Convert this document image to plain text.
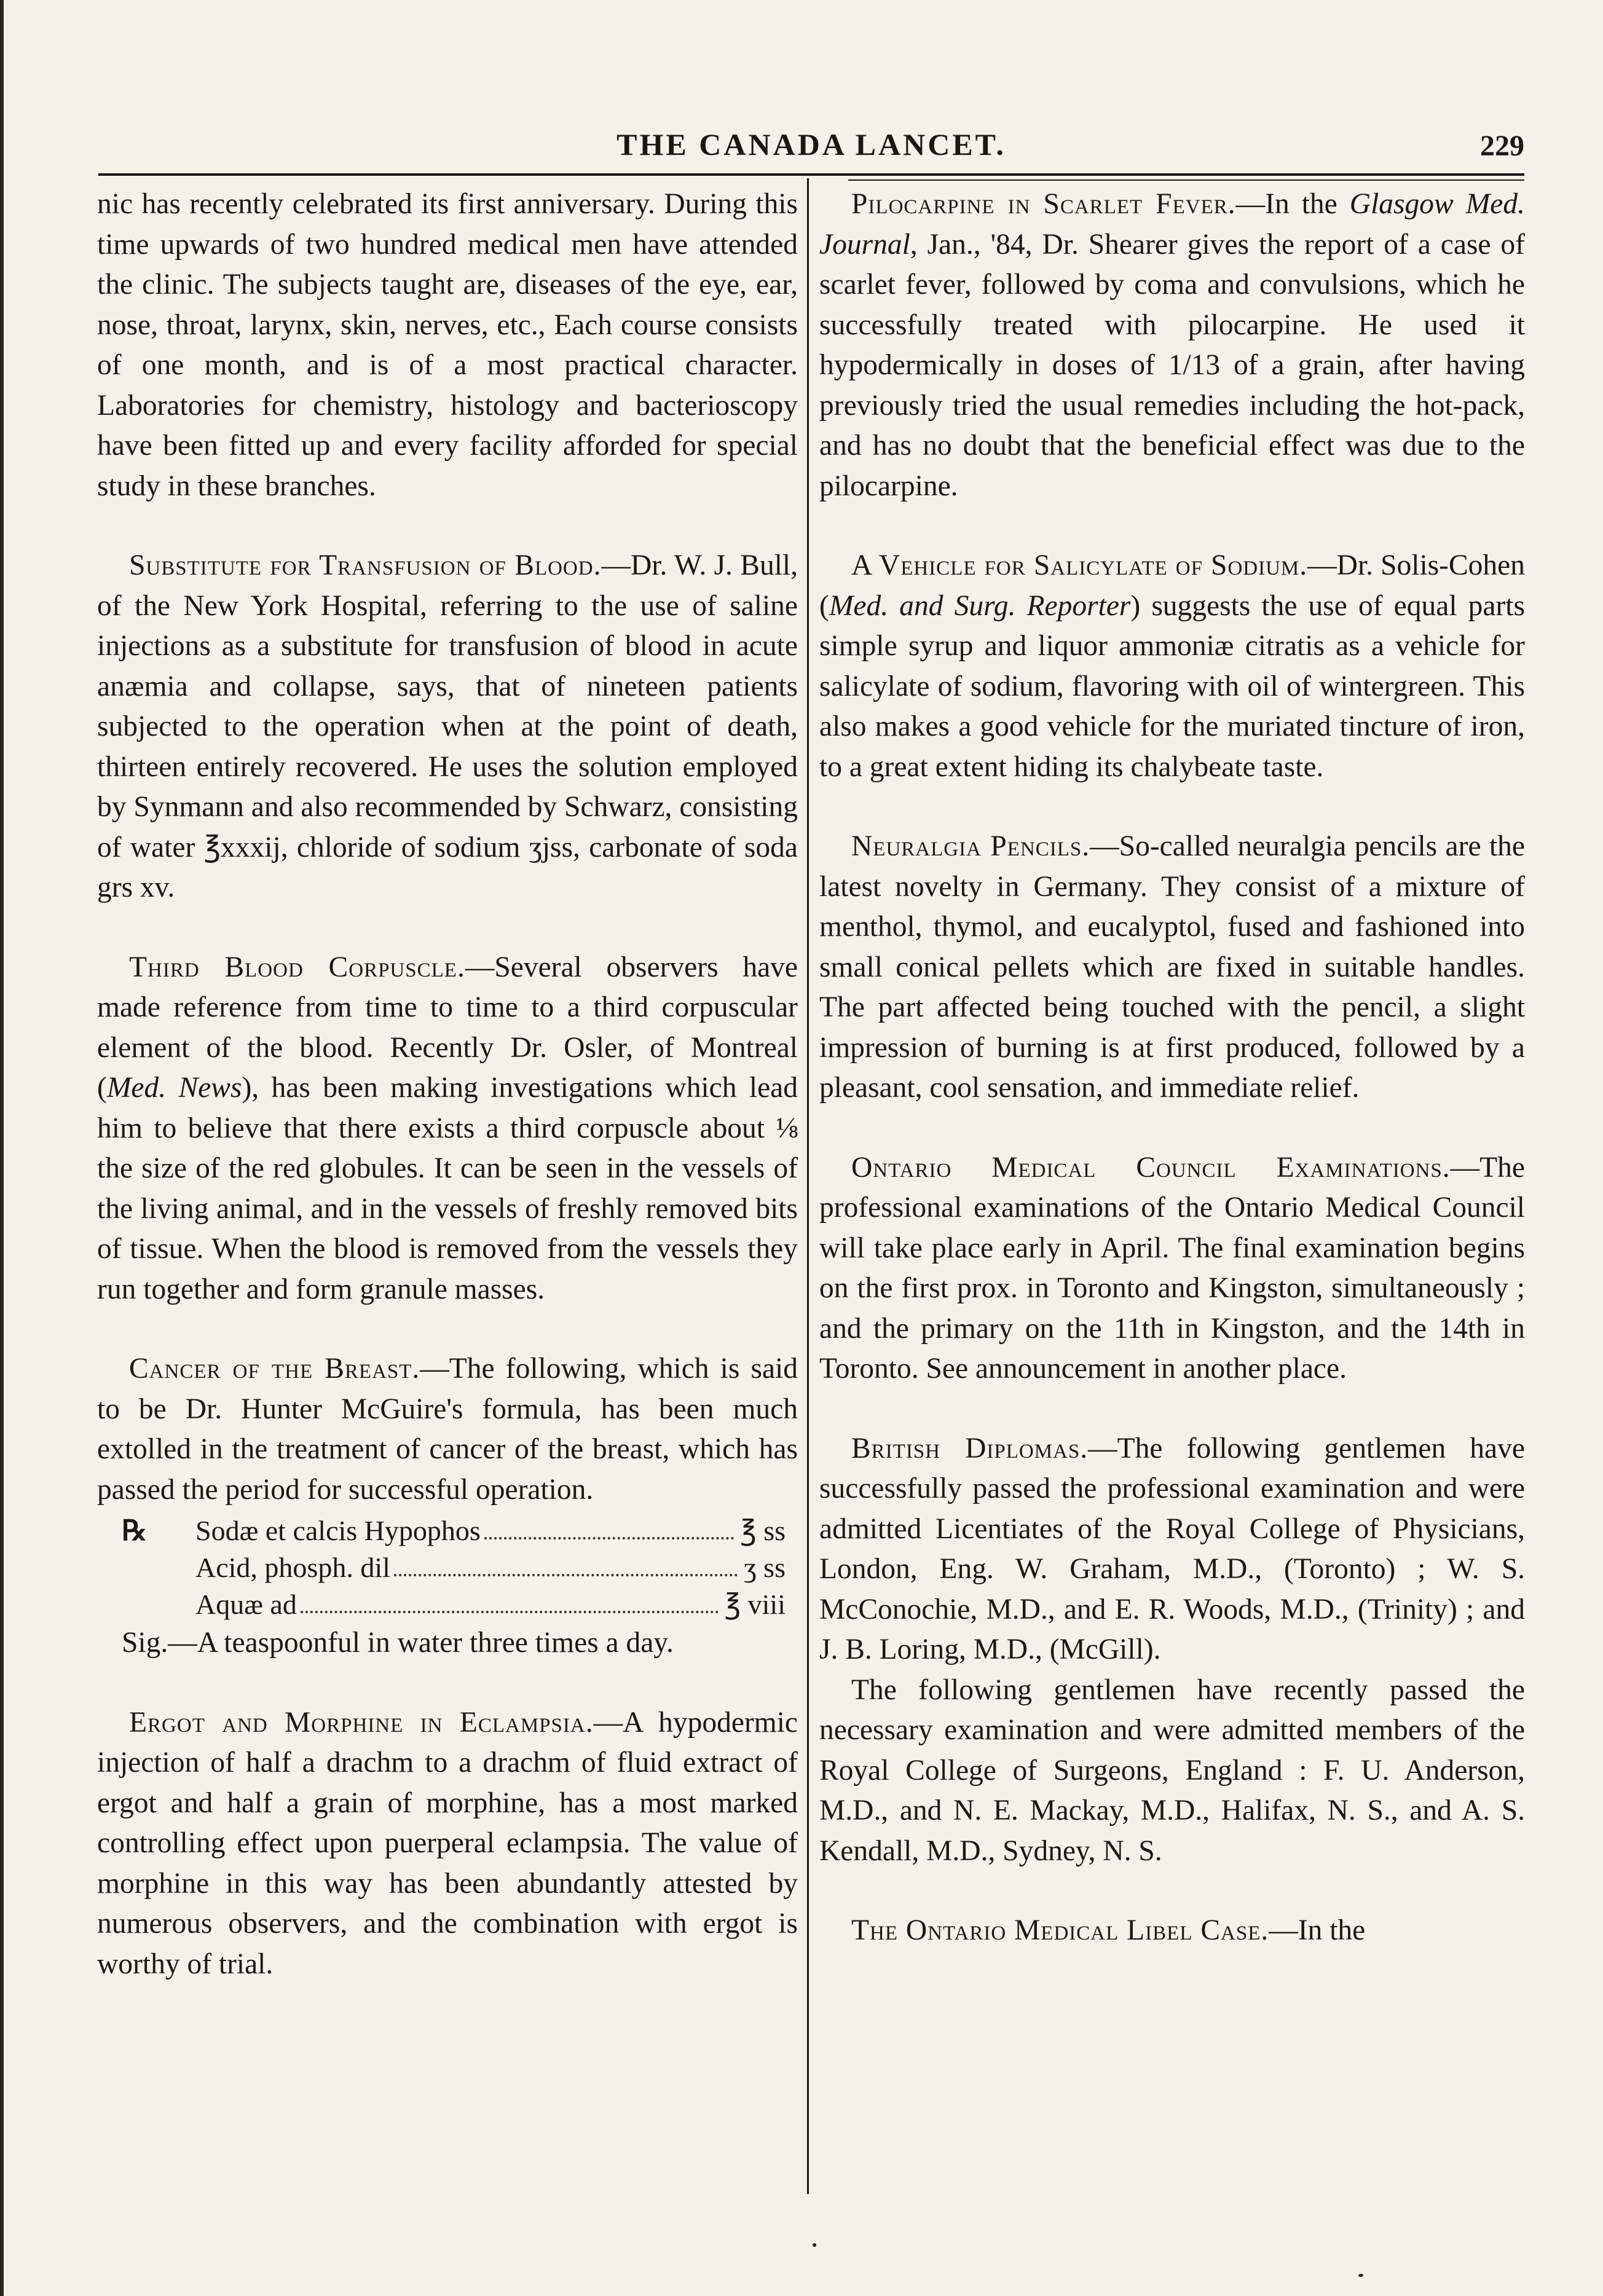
THE CANADA LANCET.	229

nic has recently celebrated its first anniversary. During this time upwards of two hundred medical men have attended the clinic. The subjects taught are, diseases of the eye, ear, nose, throat, larynx, skin, nerves, etc., Each course consists of one month, and is of a most practical character. Laboratories for chemistry, histology and bacterioscopy have been fitted up and every facility afforded for special study in these branches.

Substitute for Transfusion of Blood.—Dr. W. J. Bull, of the New York Hospital, referring to the use of saline injections as a substitute for transfusion of blood in acute anæmia and collapse, says, that of nineteen patients subjected to the operation when at the point of death, thirteen entirely recovered. He uses the solution employed by Synmann and also recommended by Schwarz, consisting of water ℥xxxij, chloride of sodium ʒjss, carbonate of soda grs xv.

Third Blood Corpuscle.—Several observers have made reference from time to time to a third corpuscular element of the blood. Recently Dr. Osler, of Montreal (Med. News), has been making investigations which lead him to believe that there exists a third corpuscle about ⅛ the size of the red globules. It can be seen in the vessels of the living animal, and in the vessels of freshly removed bits of tissue. When the blood is removed from the vessels they run together and form granule masses.

Cancer of the Breast.—The following, which is said to be Dr. Hunter McGuire's formula, has been much extolled in the treatment of cancer of the breast, which has passed the period for successful operation.

℞	Sodæ et calcis Hypophos	℥ ss
Acid, phosph. dil	ʒ ss
Aquæ ad	℥ viii

Sig.—A teaspoonful in water three times a day.

Ergot and Morphine in Eclampsia.—A hypodermic injection of half a drachm to a drachm of fluid extract of ergot and half a grain of morphine, has a most marked controlling effect upon puerperal eclampsia. The value of morphine in this way has been abundantly attested by numerous observers, and the combination with ergot is worthy of trial.

Pilocarpine in Scarlet Fever.—In the Glasgow Med. Journal, Jan., '84, Dr. Shearer gives the report of a case of scarlet fever, followed by coma and convulsions, which he successfully treated with pilocarpine. He used it hypodermically in doses of 1/13 of a grain, after having previously tried the usual remedies including the hot-pack, and has no doubt that the beneficial effect was due to the pilocarpine.

A Vehicle for Salicylate of Sodium.—Dr. Solis-Cohen (Med. and Surg. Reporter) suggests the use of equal parts simple syrup and liquor ammoniæ citratis as a vehicle for salicylate of sodium, flavoring with oil of wintergreen. This also makes a good vehicle for the muriated tincture of iron, to a great extent hiding its chalybeate taste.

Neuralgia Pencils.—So-called neuralgia pencils are the latest novelty in Germany. They consist of a mixture of menthol, thymol, and eucalyptol, fused and fashioned into small conical pellets which are fixed in suitable handles. The part affected being touched with the pencil, a slight impression of burning is at first produced, followed by a pleasant, cool sensation, and immediate relief.

Ontario Medical Council Examinations.—The professional examinations of the Ontario Medical Council will take place early in April. The final examination begins on the first prox. in Toronto and Kingston, simultaneously ; and the primary on the 11th in Kingston, and the 14th in Toronto. See announcement in another place.

British Diplomas.—The following gentlemen have successfully passed the professional examination and were admitted Licentiates of the Royal College of Physicians, London, Eng. W. Graham, M.D., (Toronto) ; W. S. McConochie, M.D., and E. R. Woods, M.D., (Trinity) ; and J. B. Loring, M.D., (McGill).

The following gentlemen have recently passed the necessary examination and were admitted members of the Royal College of Surgeons, England : F. U. Anderson, M.D., and N. E. Mackay, M.D., Halifax, N. S., and A. S. Kendall, M.D., Sydney, N. S.

The Ontario Medical Libel Case.—In the
